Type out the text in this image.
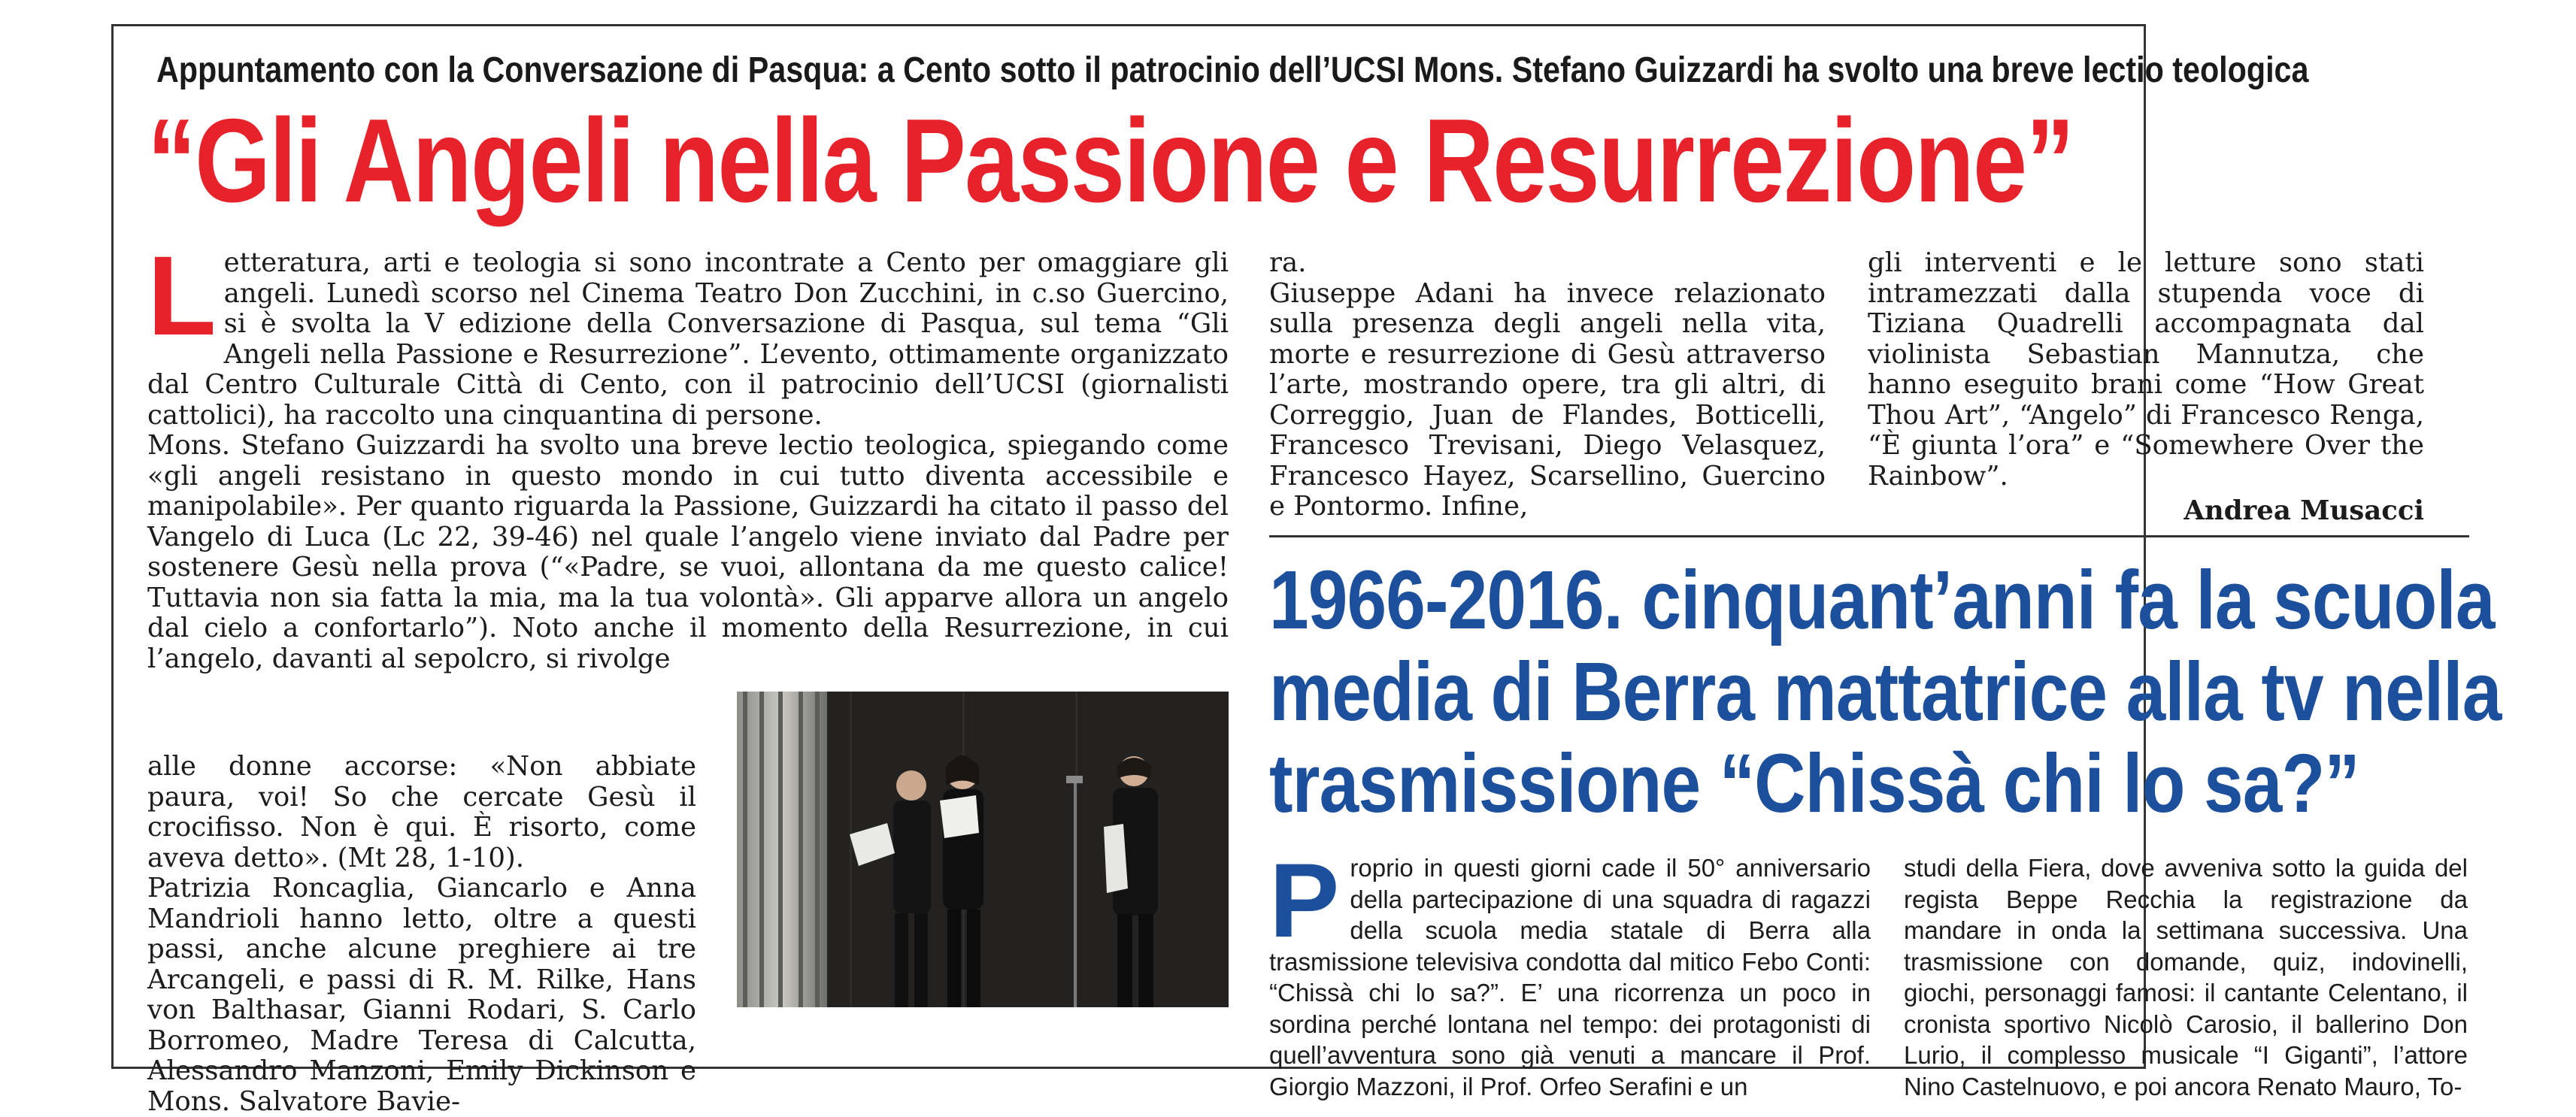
Appuntamento con la Conversazione di Pasqua: a Cento sotto il patrocinio dell’UCSI Mons. Stefano Guizzardi ha svolto una breve lectio teologica
“Gli Angeli nella Passione e Resurrezione”
L etteratura, arti e teologia si sono incontrate a Cento per omaggiare gli angeli. Lunedì scorso nel Cinema Teatro Don Zucchini, in c.so Guercino, si è svolta la V edizione della Conversazione di Pasqua, sul tema “Gli Angeli nella Passione e Resurrezione”. L’evento, ottimamente organizzato dal Centro Culturale Città di Cento, con il patrocinio dell’UCSI (giornalisti cattolici), ha raccolto una cinquantina di persone.

Mons. Stefano Guizzardi ha svolto una breve lectio teologica, spiegando come «gli angeli resistano in questo mondo in cui tutto diventa accessibile e manipolabile». Per quanto riguarda la Passione, Guizzardi ha citato il passo del Vangelo di Luca (Lc 22, 39-46) nel quale l’angelo viene inviato dal Padre per sostenere Gesù nella prova (“«Padre, se vuoi, allontana da me questo calice! Tuttavia non sia fatta la mia, ma la tua volontà». Gli apparve allora un angelo dal cielo a confortarlo”). Noto anche il momento della Resurrezione, in cui l’angelo, davanti al sepolcro, si rivolge

alle donne accorse: «Non abbiate paura, voi! So che cercate Gesù il crocifisso. Non è qui. È risorto, come aveva detto». (Mt 28, 1-10).

Patrizia Roncaglia, Giancarlo e Anna Mandrioli hanno letto, oltre a questi passi, anche alcune preghiere ai tre Arcangeli, e passi di R. M. Rilke, Hans von Balthasar, Gianni Rodari, S. Carlo Borromeo, Madre Teresa di Calcutta, Alessandro Manzoni, Emily Dickinson e Mons. Salvatore Bavie-

ra.

Giuseppe Adani ha invece relazionato sulla presenza degli angeli nella vita, morte e resurrezione di Gesù attraverso l’arte, mostrando opere, tra gli altri, di Correggio, Juan de Flandes, Botticelli, Francesco Trevisani, Diego Velasquez, Francesco Hayez, Scarsellino, Guercino e Pontormo. Infine,

gli interventi e le letture sono stati intramezzati dalla stupenda voce di Tiziana Quadrelli accompagnata dal violinista Sebastian Mannutza, che hanno eseguito brani come “How Great Thou Art”, “Angelo” di Francesco Renga, “È giunta l’ora” e “Somewhere Over the Rainbow”.

Andrea Musacci

1966-2016. cinquant’anni fa la scuola
media di Berra mattatrice alla tv nella
trasmissione “Chissà chi lo sa?”
P roprio in questi giorni cade il 50° anniversario della partecipazione di una squadra di ragazzi della scuola media statale di Berra alla trasmissione televisiva condotta dal mitico Febo Conti: “Chissà chi lo sa?”. E’ una ricorrenza un poco in sordina perché lontana nel tempo: dei protagonisti di quell’avventura sono già venuti a mancare il Prof. Giorgio Mazzoni, il Prof. Orfeo Serafini e un

studi della Fiera, dove avveniva sotto la guida del regista Beppe Recchia la registrazione da mandare in onda la settimana successiva. Una trasmissione con domande, quiz, indovinelli, giochi, personaggi famosi: il cantante Celentano, il cronista sportivo Nicolò Carosio, il ballerino Don Lurio, il complesso musicale “I Giganti”, l’attore Nino Castelnuovo, e poi ancora Renato Mauro, To-
